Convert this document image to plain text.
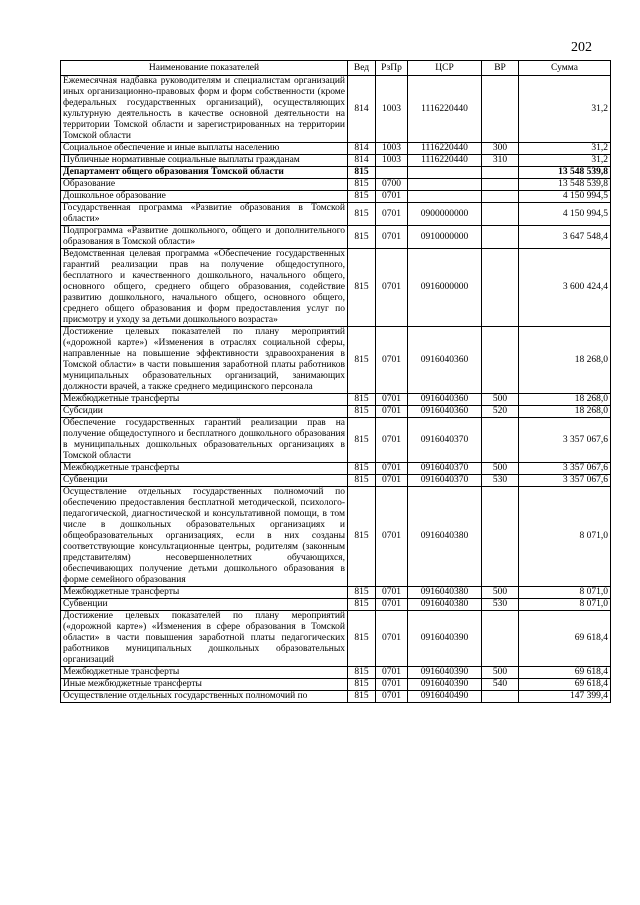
202
Наименование показателей	Вед	РзПр	ЦСР	ВР	Сумма
Ежемесячная надбавка руководителям и специалистам организаций иных организационно-правовых форм и форм собственности (кроме федеральных государственных организаций), осуществляющих культурную деятельность в качестве основной деятельности на территории Томской области и зарегистрированных на территории Томской области	814	1003	1116220440		31,2
Социальное обеспечение и иные выплаты населению	814	1003	1116220440	300	31,2
Публичные нормативные социальные выплаты гражданам	814	1003	1116220440	310	31,2
Департамент общего образования Томской области	815				13 548 539,8
Образование	815	0700			13 548 539,8
Дошкольное образование	815	0701			4 150 994,5
Государственная программа «Развитие образования в Томской области»	815	0701	0900000000		4 150 994,5
Подпрограмма «Развитие дошкольного, общего и дополнительного образования в Томской области»	815	0701	0910000000		3 647 548,4
Ведомственная целевая программа «Обеспечение государственных гарантий реализации прав на получение общедоступного, бесплатного и качественного дошкольного, начального общего, основного общего, среднего общего образования, содействие развитию дошкольного, начального общего, основного общего, среднего общего образования и форм предоставления услуг по присмотру и уходу за детьми дошкольного возраста»	815	0701	0916000000		3 600 424,4
Достижение целевых показателей по плану мероприятий («дорожной карте») «Изменения в отраслях социальной сферы, направленные на повышение эффективности здравоохранения в Томской области» в части повышения заработной платы работников муниципальных образовательных организаций, занимающих должности врачей, а также среднего медицинского персонала	815	0701	0916040360		18 268,0
Межбюджетные трансферты	815	0701	0916040360	500	18 268,0
Субсидии	815	0701	0916040360	520	18 268,0
Обеспечение государственных гарантий реализации прав на получение общедоступного и бесплатного дошкольного образования в муниципальных дошкольных образовательных организациях в Томской области	815	0701	0916040370		3 357 067,6
Межбюджетные трансферты	815	0701	0916040370	500	3 357 067,6
Субвенции	815	0701	0916040370	530	3 357 067,6
Осуществление отдельных государственных полномочий по обеспечению предоставления бесплатной методической, психолого-педагогической, диагностической и консультативной помощи, в том числе в дошкольных образовательных организациях и общеобразовательных организациях, если в них созданы соответствующие консультационные центры, родителям (законным представителям) несовершеннолетних обучающихся, обеспечивающих получение детьми дошкольного образования в форме семейного образования	815	0701	0916040380		8 071,0
Межбюджетные трансферты	815	0701	0916040380	500	8 071,0
Субвенции	815	0701	0916040380	530	8 071,0
Достижение целевых показателей по плану мероприятий («дорожной карте») «Изменения в сфере образования в Томской области» в части повышения заработной платы педагогических работников муниципальных дошкольных образовательных организаций	815	0701	0916040390		69 618,4
Межбюджетные трансферты	815	0701	0916040390	500	69 618,4
Иные межбюджетные трансферты	815	0701	0916040390	540	69 618,4
Осуществление отдельных государственных полномочий по	815	0701	0916040490		147 399,4
